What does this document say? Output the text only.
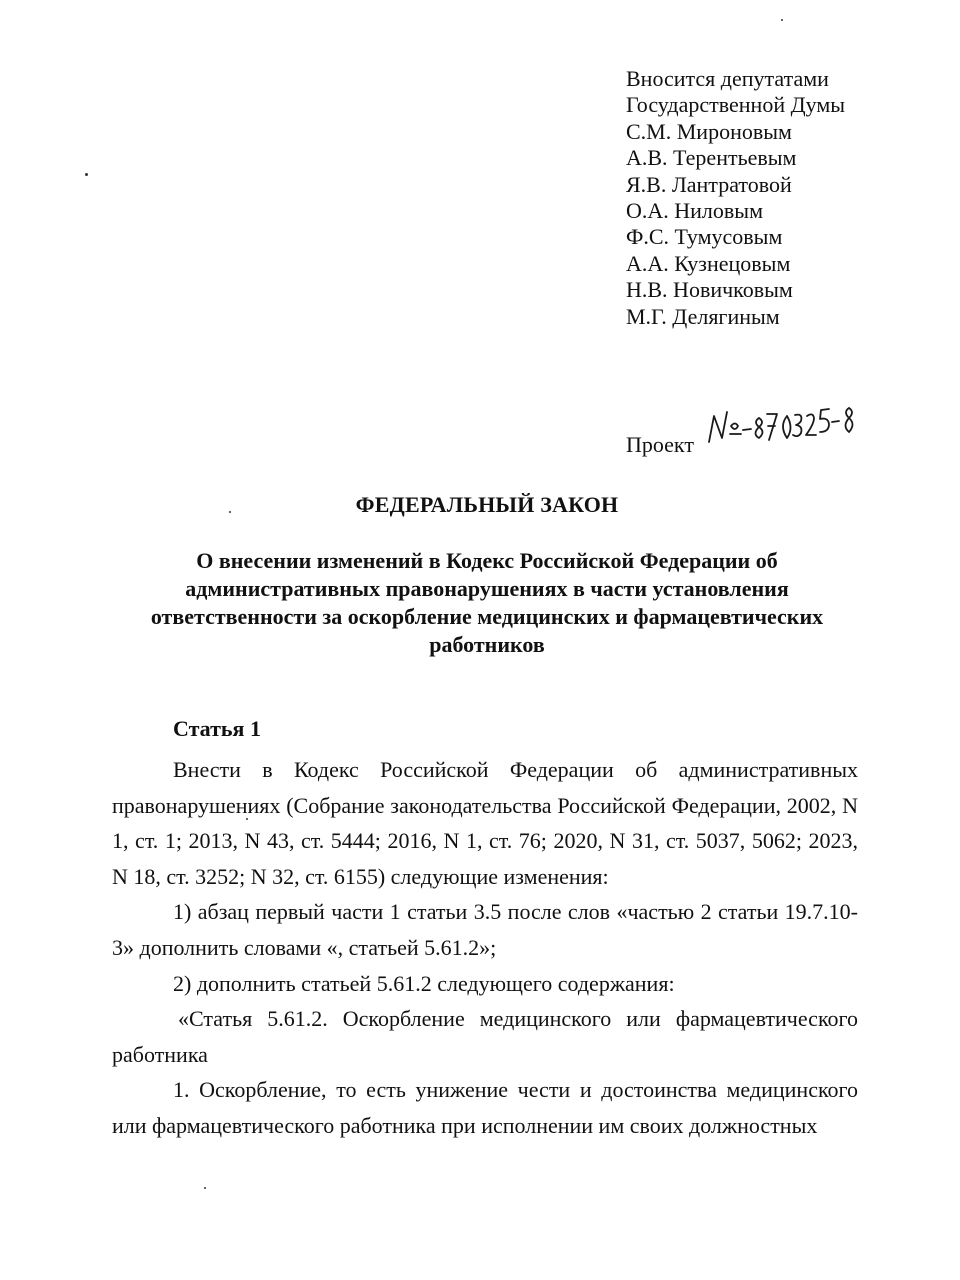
Вносится депутатами
Государственной Думы
С.М. Мироновым
А.В. Терентьевым
Я.В. Лантратовой
О.А. Ниловым
Ф.С. Тумусовым
А.А. Кузнецовым
Н.В. Новичковым
М.Г. Делягиным
Проект
ФЕДЕРАЛЬНЫЙ ЗАКОН
О внесении изменений в Кодекс Российской Федерации об административных правонарушениях в части установления ответственности за оскорбление медицинских и фармацевтических работников
Статья 1

Внести в Кодекс Российской Федерации об административных правонарушениях (Собрание законодательства Российской Федерации, 2002, N 1, ст. 1; 2013, N 43, ст. 5444; 2016, N 1, ст. 76; 2020, N 31, ст. 5037, 5062; 2023, N 18, ст. 3252; N 32, ст. 6155) следующие изменения:

1) абзац первый части 1 статьи 3.5 после слов «частью 2 статьи 19.7.10-3» дополнить словами «, статьей 5.61.2»;

2) дополнить статьей 5.61.2 следующего содержания:

«Статья 5.61.2. Оскорбление медицинского или фармацевтического работника

1. Оскорбление, то есть унижение чести и достоинства медицинского или фармацевтического работника при исполнении им своих должностных
